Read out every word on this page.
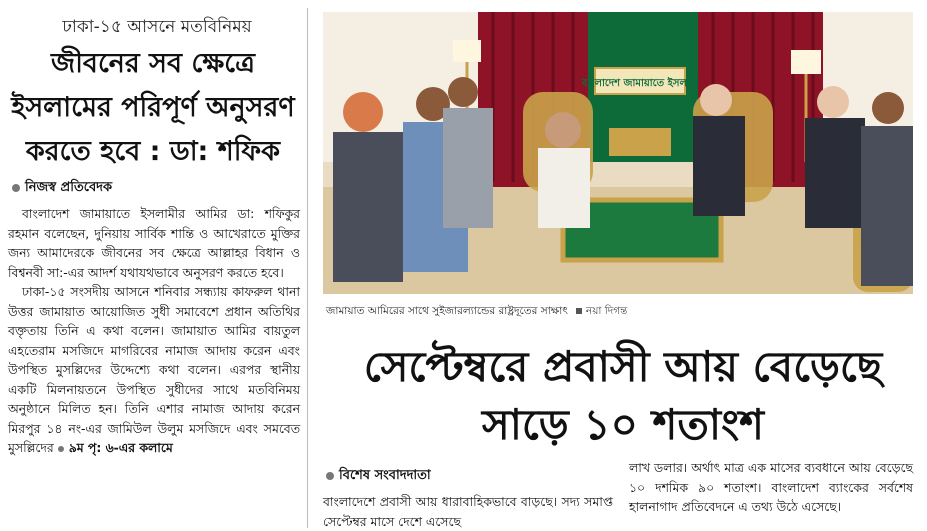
ঢাকা-১৫ আসনে মতবিনিময়
জীবনের সব ক্ষেত্রে ইসলামের পরিপূর্ণ অনুসরণ করতে হবে : ডা: শফিক
নিজস্ব প্রতিবেদক

বাংলাদেশ জামায়াতে ইসলামীর আমির ডা: শফিকুর রহমান বলেছেন, দুনিয়ায় সার্বিক শান্তি ও আখেরাতে মুক্তির জন্য আমাদেরকে জীবনের সব ক্ষেত্রে আল্লাহর বিধান ও বিশ্বনবী সা:-এর আদর্শ যথাযথভাবে অনুসরণ করতে হবে।

ঢাকা-১৫ সংসদীয় আসনে শনিবার সন্ধ্যায় কাফরুল থানা উত্তর জামায়াত আয়োজিত সুধী সমাবেশে প্রধান অতিথির বক্তৃতায় তিনি এ কথা বলেন। জামায়াত আমির বায়তুল এহতেরাম মসজিদে মাগরিবের নামাজ আদায় করেন এবং উপস্থিত মুসল্লিদের উদ্দেশ্যে কথা বলেন। এরপর স্থানীয় একটি মিলনায়তনে উপস্থিত সুধীদের সাথে মতবিনিময় অনুষ্ঠানে মিলিত হন। তিনি এশার নামাজ আদায় করেন মিরপুর ১৪ নং-এর জামিউল উলুম মসজিদে এবং সমবেত মুসল্লিদের ৯ম পৃ: ৬-এর কলামে

বাংলাদেশ জামায়াতে ইসলামী
জামায়াত আমিরের সাথে সুইজারল্যান্ডের রাষ্ট্রদূতের সাক্ষাৎ নয়া দিগন্ত
সেপ্টেম্বরে প্রবাসী আয় বেড়েছে সাড়ে ১০ শতাংশ
বিশেষ সংবাদদাতা

বাংলাদেশে প্রবাসী আয় ধারাবাহিকভাবে বাড়ছে। সদ্য সমাপ্ত সেপ্টেম্বর মাসে দেশে এসেছে

লাখ ডলার। অর্থাৎ মাত্র এক মাসের ব্যবধানে আয় বেড়েছে ১০ দশমিক ৯০ শতাংশ। বাংলাদেশ ব্যাংকের সর্বশেষ হালনাগাদ প্রতিবেদনে এ তথ্য উঠে এসেছে।
